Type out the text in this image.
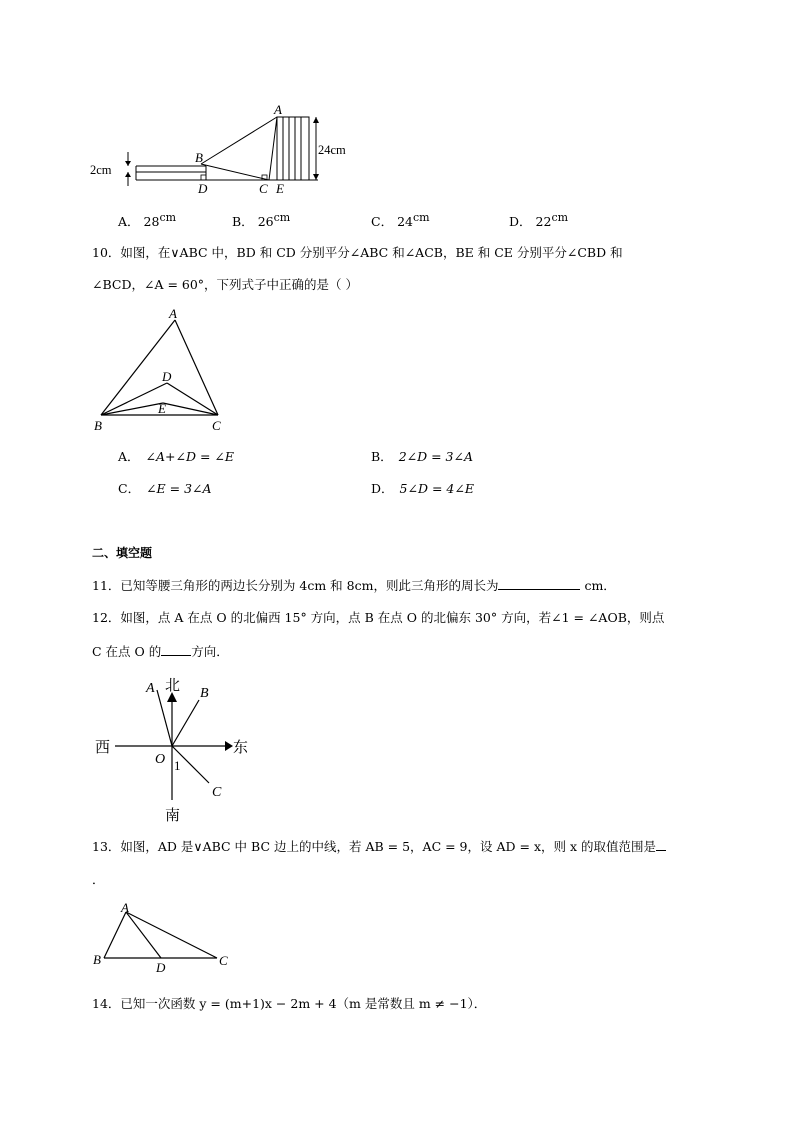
A
B
D	C E
2cm
24cm
A． $28^{cm}$	B． $26^{cm}$	C． $24^{cm}$	D． $22^{cm}$
10．如图，在∨ABC 中，BD 和 CD 分别平分∠ABC 和∠ACB，BE 和 CE 分别平分∠CBD 和
∠BCD，∠A = 60°，下列式子中正确的是（ ）
A
D
E
B	C
A． ∠A+∠D = ∠E	B． 2∠D = 3∠A
C． ∠E = 3∠A	D． 5∠D = 4∠E
二、填空题
11．已知等腰三角形的两边长分别为 4cm 和 8cm，则此三角形的周长为	cm．
12．如图，点 A 在点 O 的北偏西 15° 方向，点 B 在点 O 的北偏东 30° 方向，若∠1 = ∠AOB，则点
C 在点 O 的 方向．
北
南
西	东
A	B
C
O 1
13．如图，AD 是∨ABC 中 BC 边上的中线，若 AB = 5，AC = 9，设 AD = x，则 x 的取值范围是
．
A
B
D	C
14．已知一次函数 y = (m+1)x − 2m + 4（m 是常数且 m ≠ −1）．
